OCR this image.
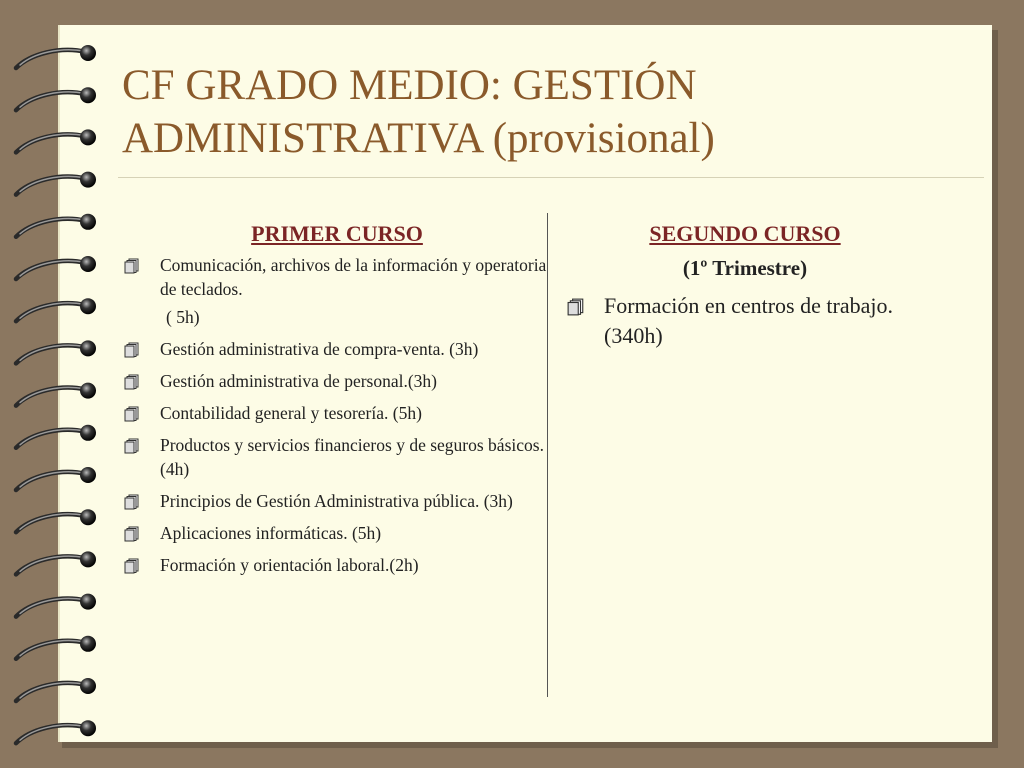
CF GRADO MEDIO: GESTIÓN
ADMINISTRATIVA (provisional)
PRIMER CURSO
Comunicación, archivos de la información y operatoria de teclados.
( 5h)
Gestión administrativa de compra-venta. (3h)
Gestión administrativa de personal.(3h)
Contabilidad general y tesorería. (5h)
Productos y servicios financieros y de seguros básicos. (4h)
Principios de Gestión Administrativa pública. (3h)
Aplicaciones informáticas. (5h)
Formación y orientación laboral.(2h)
SEGUNDO CURSO
(1º Trimestre)
Formación en centros de trabajo. (340h)
